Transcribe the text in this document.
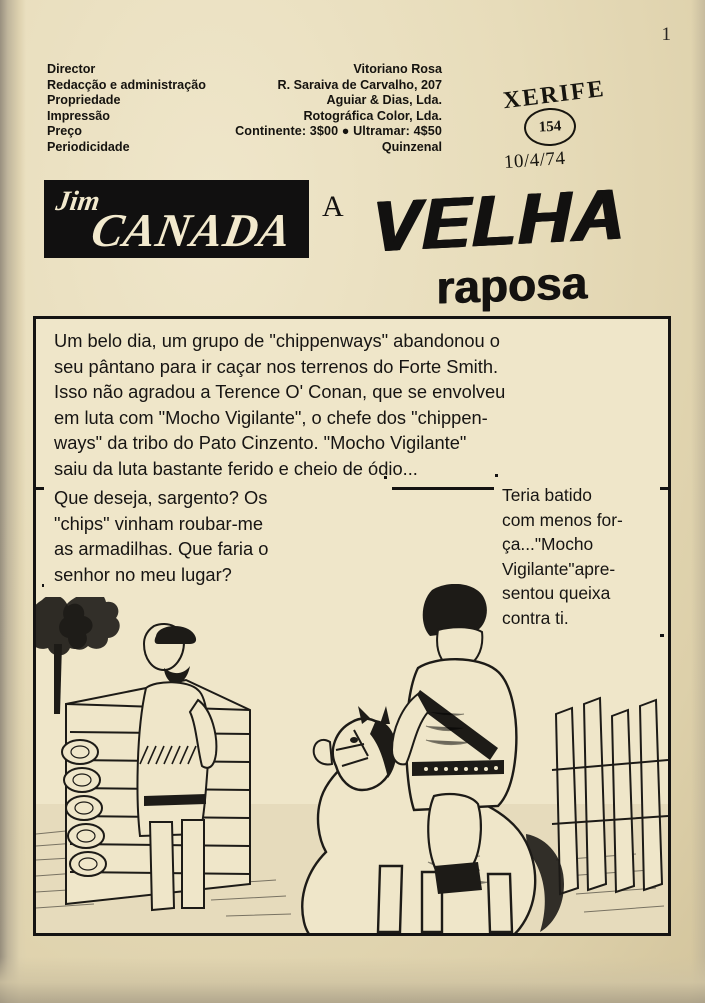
1
Director	Vitoriano Rosa
Redacção e administração	R. Saraiva de Carvalho, 207
Propriedade	Aguiar & Dias, Lda.
Impressão	Rotográfica Color, Lda.
Preço	Continente: 3$00 ● Ultramar: 4$50
Periodicidade	Quinzenal
XERIFE
154
10/4/74
Jim
CANADA A VELHA
raposa
Um belo dia, um grupo de "chippenways" abandonou o
seu pântano para ir caçar nos terrenos do Forte Smith.
Isso não agradou a Terence O' Conan, que se envolveu
em luta com "Mocho Vigilante", o chefe dos "chippen-
ways" da tribo do Pato Cinzento. "Mocho Vigilante"
saiu da luta bastante ferido e cheio de ódio...
Que deseja, sargento? Os
"chips" vinham roubar-me
as armadilhas. Que faria o
senhor no meu lugar?
Teria batido
com menos for-
ça..."Mocho
Vigilante"apre-
sentou queixa
contra ti.
